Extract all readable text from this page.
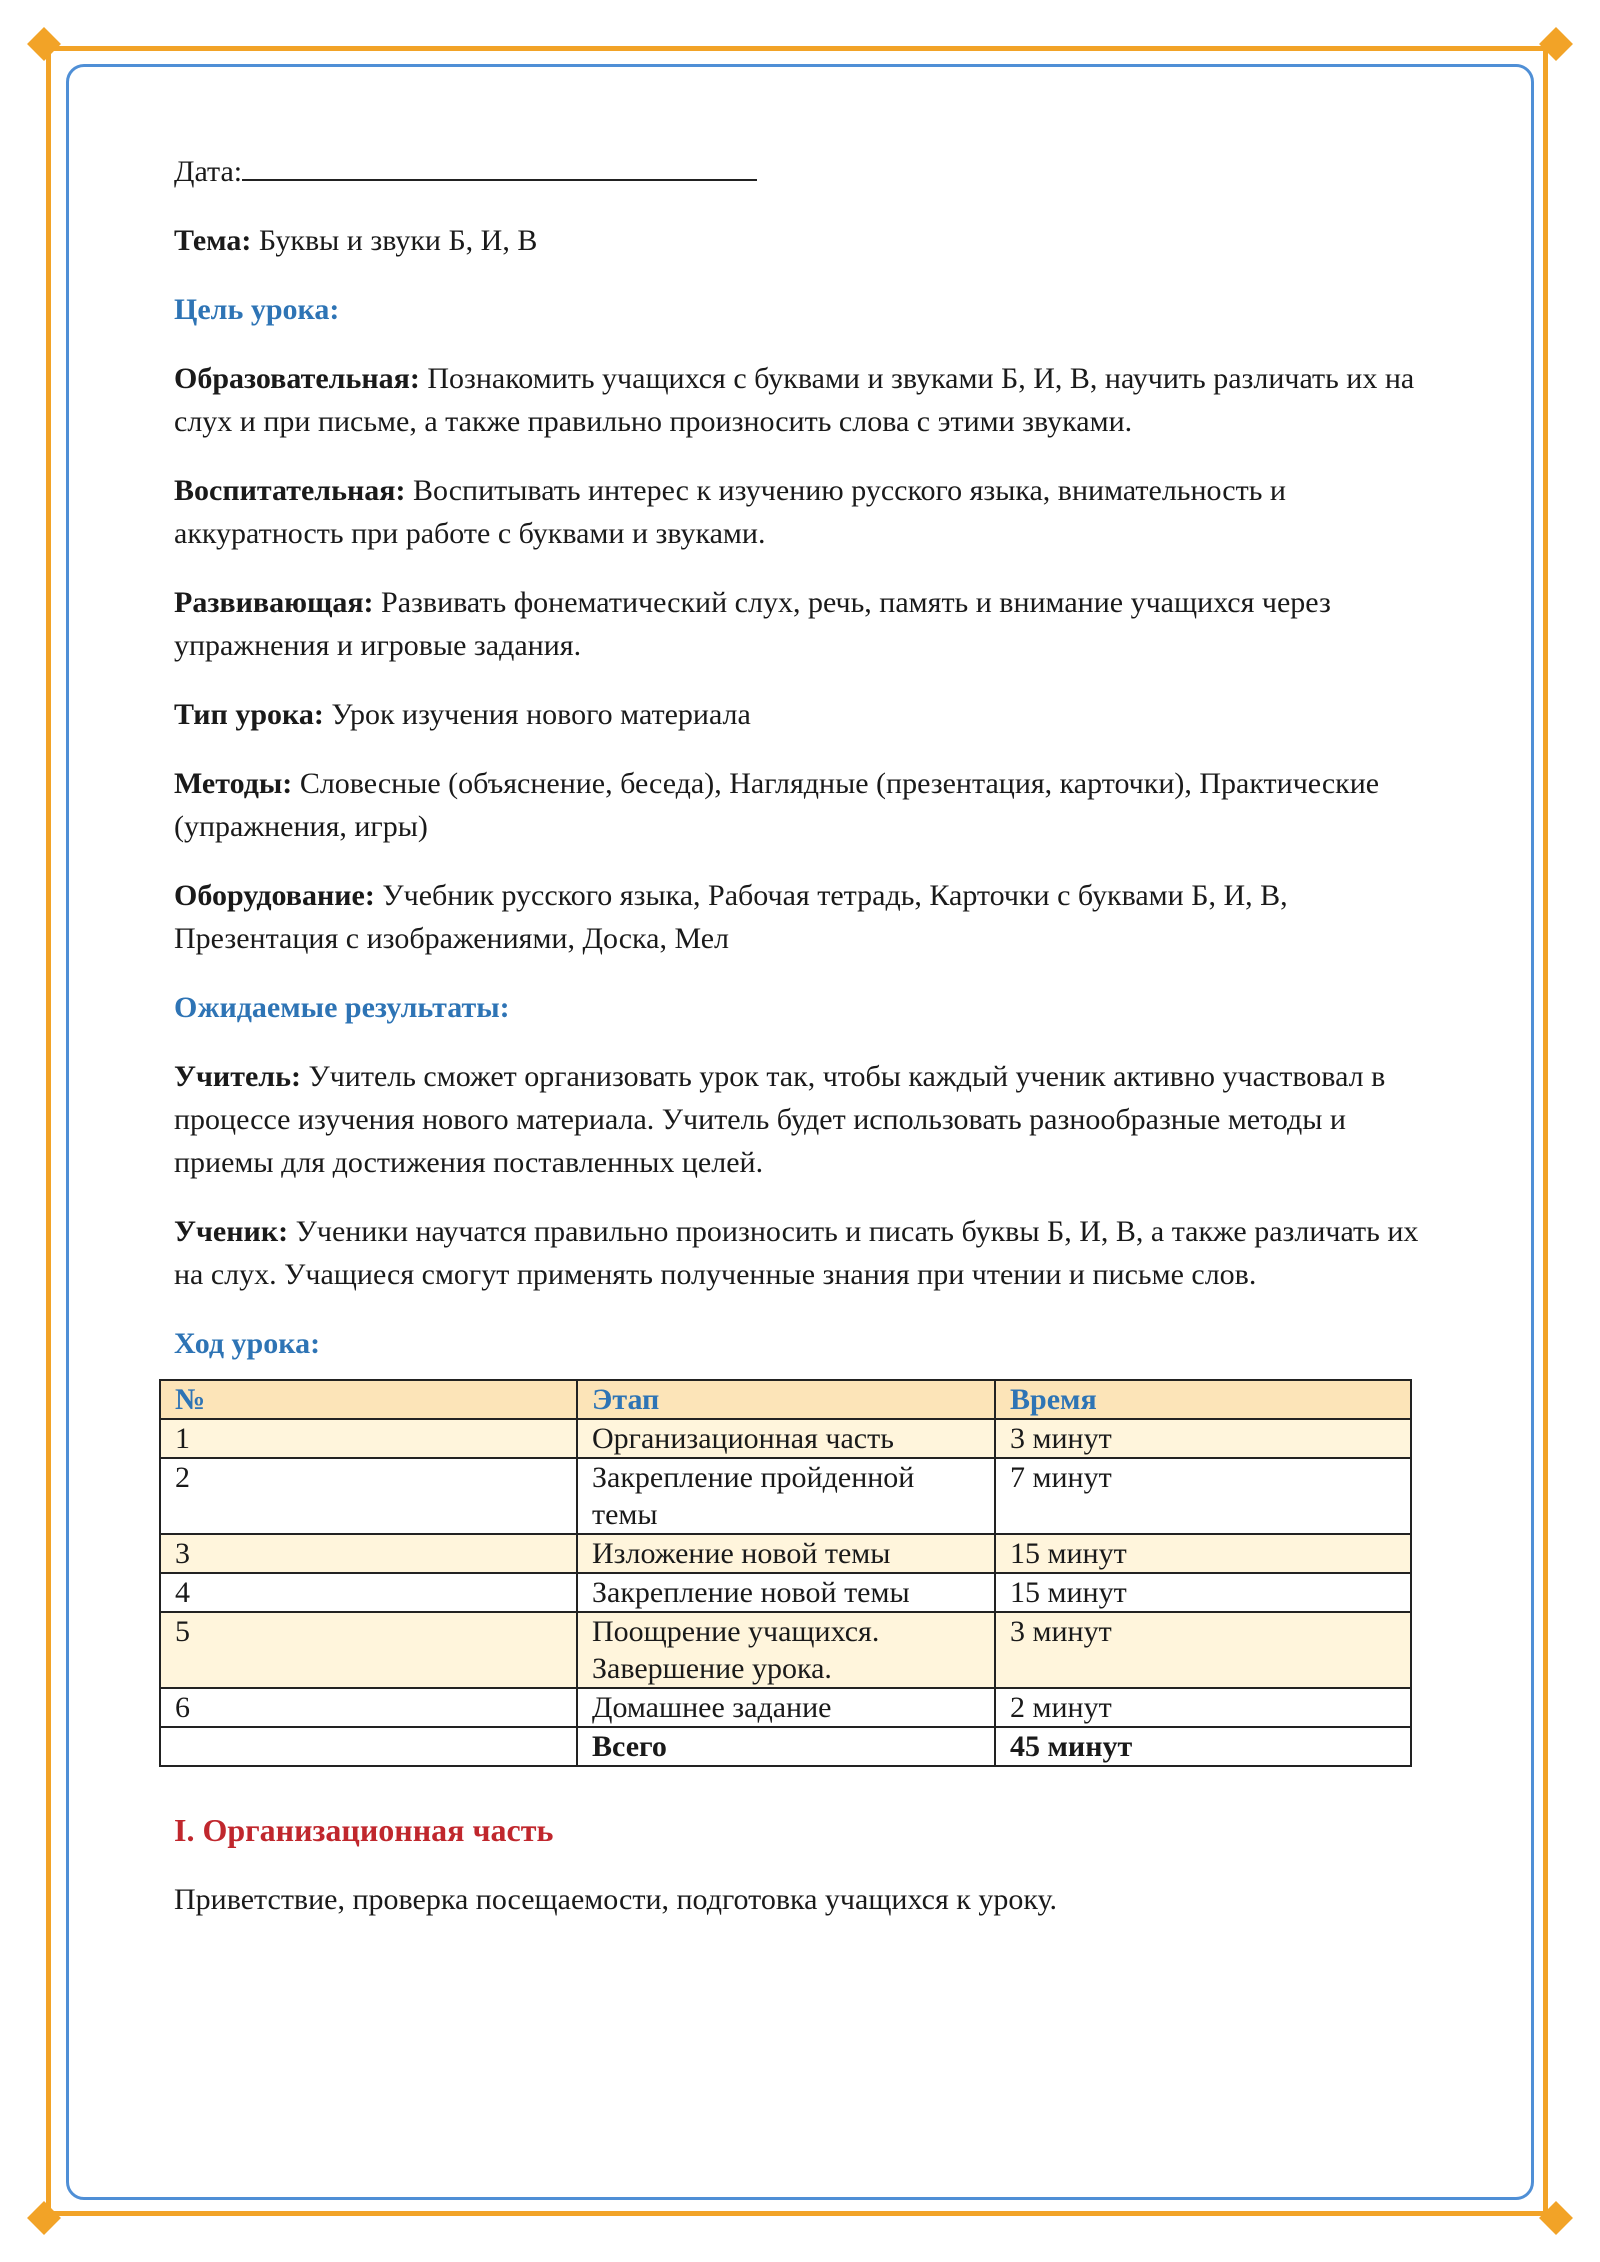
Дата:

Тема: Буквы и звуки Б, И, В

Цель урока:

Образовательная: Познакомить учащихся с буквами и звуками Б, И, В, научить различать их на слух и при письме, а также правильно произносить слова с этими звуками.

Воспитательная: Воспитывать интерес к изучению русского языка, внимательность и аккуратность при работе с буквами и звуками.

Развивающая: Развивать фонематический слух, речь, память и внимание учащихся через упражнения и игровые задания.

Тип урока: Урок изучения нового материала

Методы: Словесные (объяснение, беседа), Наглядные (презентация, карточки), Практические (упражнения, игры)

Оборудование: Учебник русского языка, Рабочая тетрадь, Карточки с буквами Б, И, В, Презентация с изображениями, Доска, Мел

Ожидаемые результаты:

Учитель: Учитель сможет организовать урок так, чтобы каждый ученик активно участвовал в процессе изучения нового материала. Учитель будет использовать разнообразные методы и приемы для достижения поставленных целей.

Ученик: Ученики научатся правильно произносить и писать буквы Б, И, В, а также различать их на слух. Учащиеся смогут применять полученные знания при чтении и письме слов.

Ход урока:

№	Этап	Время
1	Организационная часть	3 минут
2	Закрепление пройденной темы	7 минут
3	Изложение новой темы	15 минут
4	Закрепление новой темы	15 минут
5	Поощрение учащихся. Завершение урока.	3 минут
6	Домашнее задание	2 минут
	Всего	45 минут

I. Организационная часть

Приветствие, проверка посещаемости, подготовка учащихся к уроку.
